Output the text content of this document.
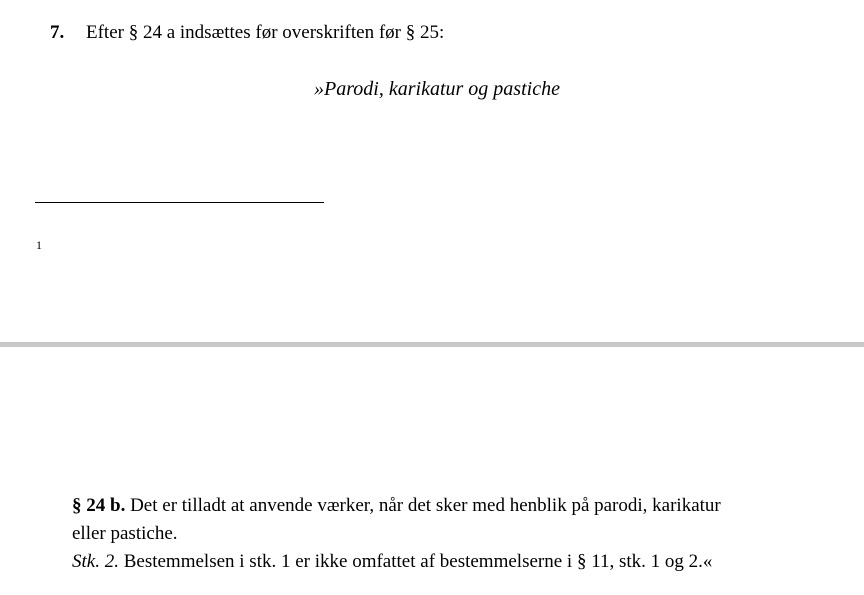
7. Efter § 24 a indsættes før overskriften før § 25:
»Parodi, karikatur og pastiche
1
§ 24 b. Det er tilladt at anvende værker, når det sker med henblik på parodi, karikatur
eller pastiche.
Stk. 2. Bestemmelsen i stk. 1 er ikke omfattet af bestemmelserne i § 11, stk. 1 og 2.«
